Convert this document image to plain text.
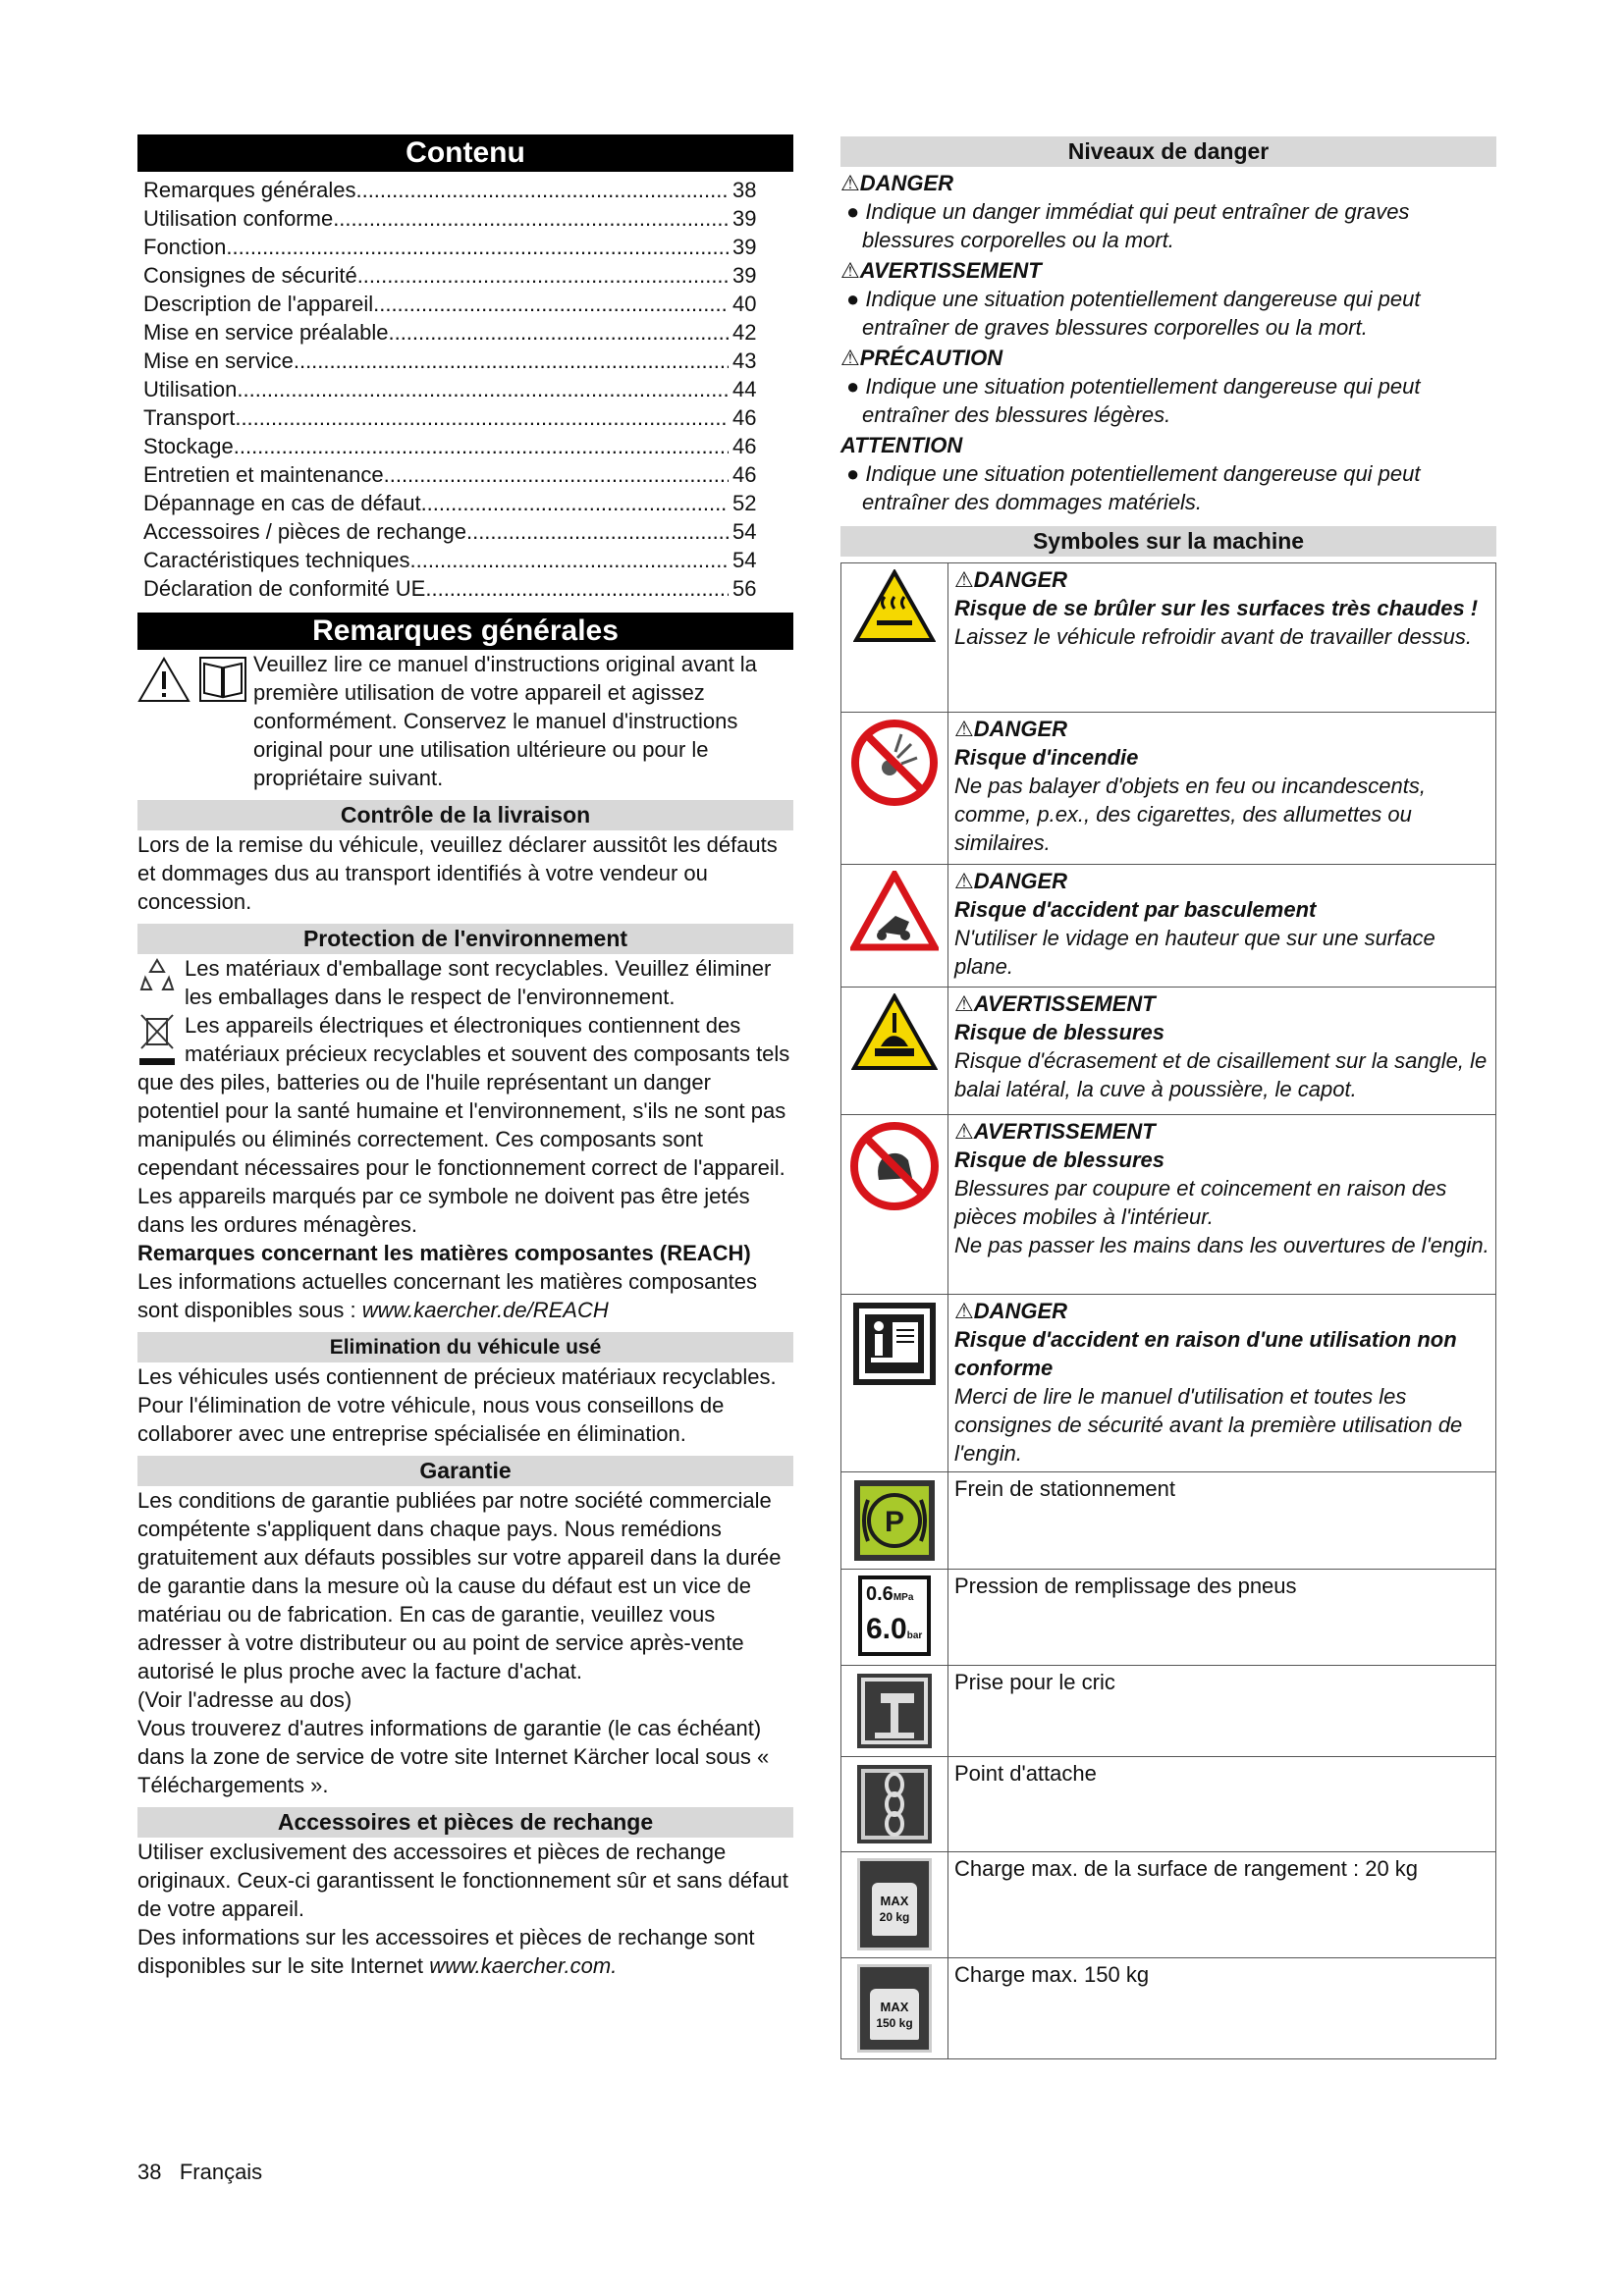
Contenu
Remarques générales .....	38
Utilisation conforme .....	39
Fonction .....	39
Consignes de sécurité .....	39
Description de l'appareil .....	40
Mise en service préalable .....	42
Mise en service .....	43
Utilisation .....	44
Transport .....	46
Stockage .....	46
Entretien et maintenance .....	46
Dépannage en cas de défaut .....	52
Accessoires / pièces de rechange .....	54
Caractéristiques techniques .....	54
Déclaration de conformité UE .....	56
Remarques générales

Veuillez lire ce manuel d'instructions original avant la première utilisation de votre appareil et agissez conformément. Conservez le manuel d'instructions original pour une utilisation ultérieure ou pour le propriétaire suivant.

Contrôle de la livraison

Lors de la remise du véhicule, veuillez déclarer aussitôt les défauts et dommages dus au transport identifiés à votre vendeur ou concession.

Protection de l'environnement

Les matériaux d'emballage sont recyclables. Veuillez éliminer les emballages dans le respect de l'environnement.

Les appareils électriques et électroniques contiennent des matériaux précieux recyclables et souvent des composants tels que des piles, batteries ou de l'huile représentant un danger potentiel pour la santé humaine et l'environnement, s'ils ne sont pas manipulés ou éliminés correctement. Ces composants sont cependant nécessaires pour le fonctionnement correct de l'appareil. Les appareils marqués par ce symbole ne doivent pas être jetés dans les ordures ménagères.

Remarques concernant les matières composantes (REACH)

Les informations actuelles concernant les matières composantes sont disponibles sous : www.kaercher.de/REACH

Elimination du véhicule usé

Les véhicules usés contiennent de précieux matériaux recyclables. Pour l'élimination de votre véhicule, nous vous conseillons de collaborer avec une entreprise spécialisée en élimination.

Garantie

Les conditions de garantie publiées par notre société commerciale compétente s'appliquent dans chaque pays. Nous remédions gratuitement aux défauts possibles sur votre appareil dans la durée de garantie dans la mesure où la cause du défaut est un vice de matériau ou de fabrication. En cas de garantie, veuillez vous adresser à votre distributeur ou au point de service après-vente autorisé le plus proche avec la facture d'achat.

(Voir l'adresse au dos)

Vous trouverez d'autres informations de garantie (le cas échéant) dans la zone de service de votre site Internet Kärcher local sous « Téléchargements ».

Accessoires et pièces de rechange

Utiliser exclusivement des accessoires et pièces de rechange originaux. Ceux-ci garantissent le fonctionnement sûr et sans défaut de votre appareil.

Des informations sur les accessoires et pièces de rechange sont disponibles sur le site Internet www.kaercher.com.

Niveaux de danger
⚠DANGER
● Indique un danger immédiat qui peut entraîner de graves blessures corporelles ou la mort.
⚠AVERTISSEMENT
● Indique une situation potentiellement dangereuse qui peut entraîner de graves blessures corporelles ou la mort.
⚠PRÉCAUTION
● Indique une situation potentiellement dangereuse qui peut entraîner des blessures légères.
ATTENTION
● Indique une situation potentiellement dangereuse qui peut entraîner des dommages matériels.
Symboles sur la machine

⚠DANGER
Risque de se brûler sur les surfaces très chaudes !
Laissez le véhicule refroidir avant de travailler dessus.

⚠DANGER
Risque d'incendie
Ne pas balayer d'objets en feu ou incandescents, comme, p.ex., des cigarettes, des allumettes ou similaires.

⚠DANGER
Risque d'accident par basculement
N'utiliser le vidage en hauteur que sur une surface plane.

⚠AVERTISSEMENT
Risque de blessures
Risque d'écrasement et de cisaillement sur la sangle, le balai latéral, la cuve à poussière, le capot.

⚠AVERTISSEMENT
Risque de blessures
Blessures par coupure et coincement en raison des pièces mobiles à l'intérieur.
Ne pas passer les mains dans les ouvertures de l'engin.

⚠DANGER
Risque d'accident en raison d'une utilisation non conforme
Merci de lire le manuel d'utilisation et toutes les consignes de sécurité avant la première utilisation de l'engin.

P	Frein de stationnement

0.6MPa
6.0bar	Pression de remplissage des pneus

Prise pour le cric

Point d'attache

MAX
20 kg	Charge max. de la surface de rangement : 20 kg

MAX
150 kg	Charge max. 150 kg
38 Français
